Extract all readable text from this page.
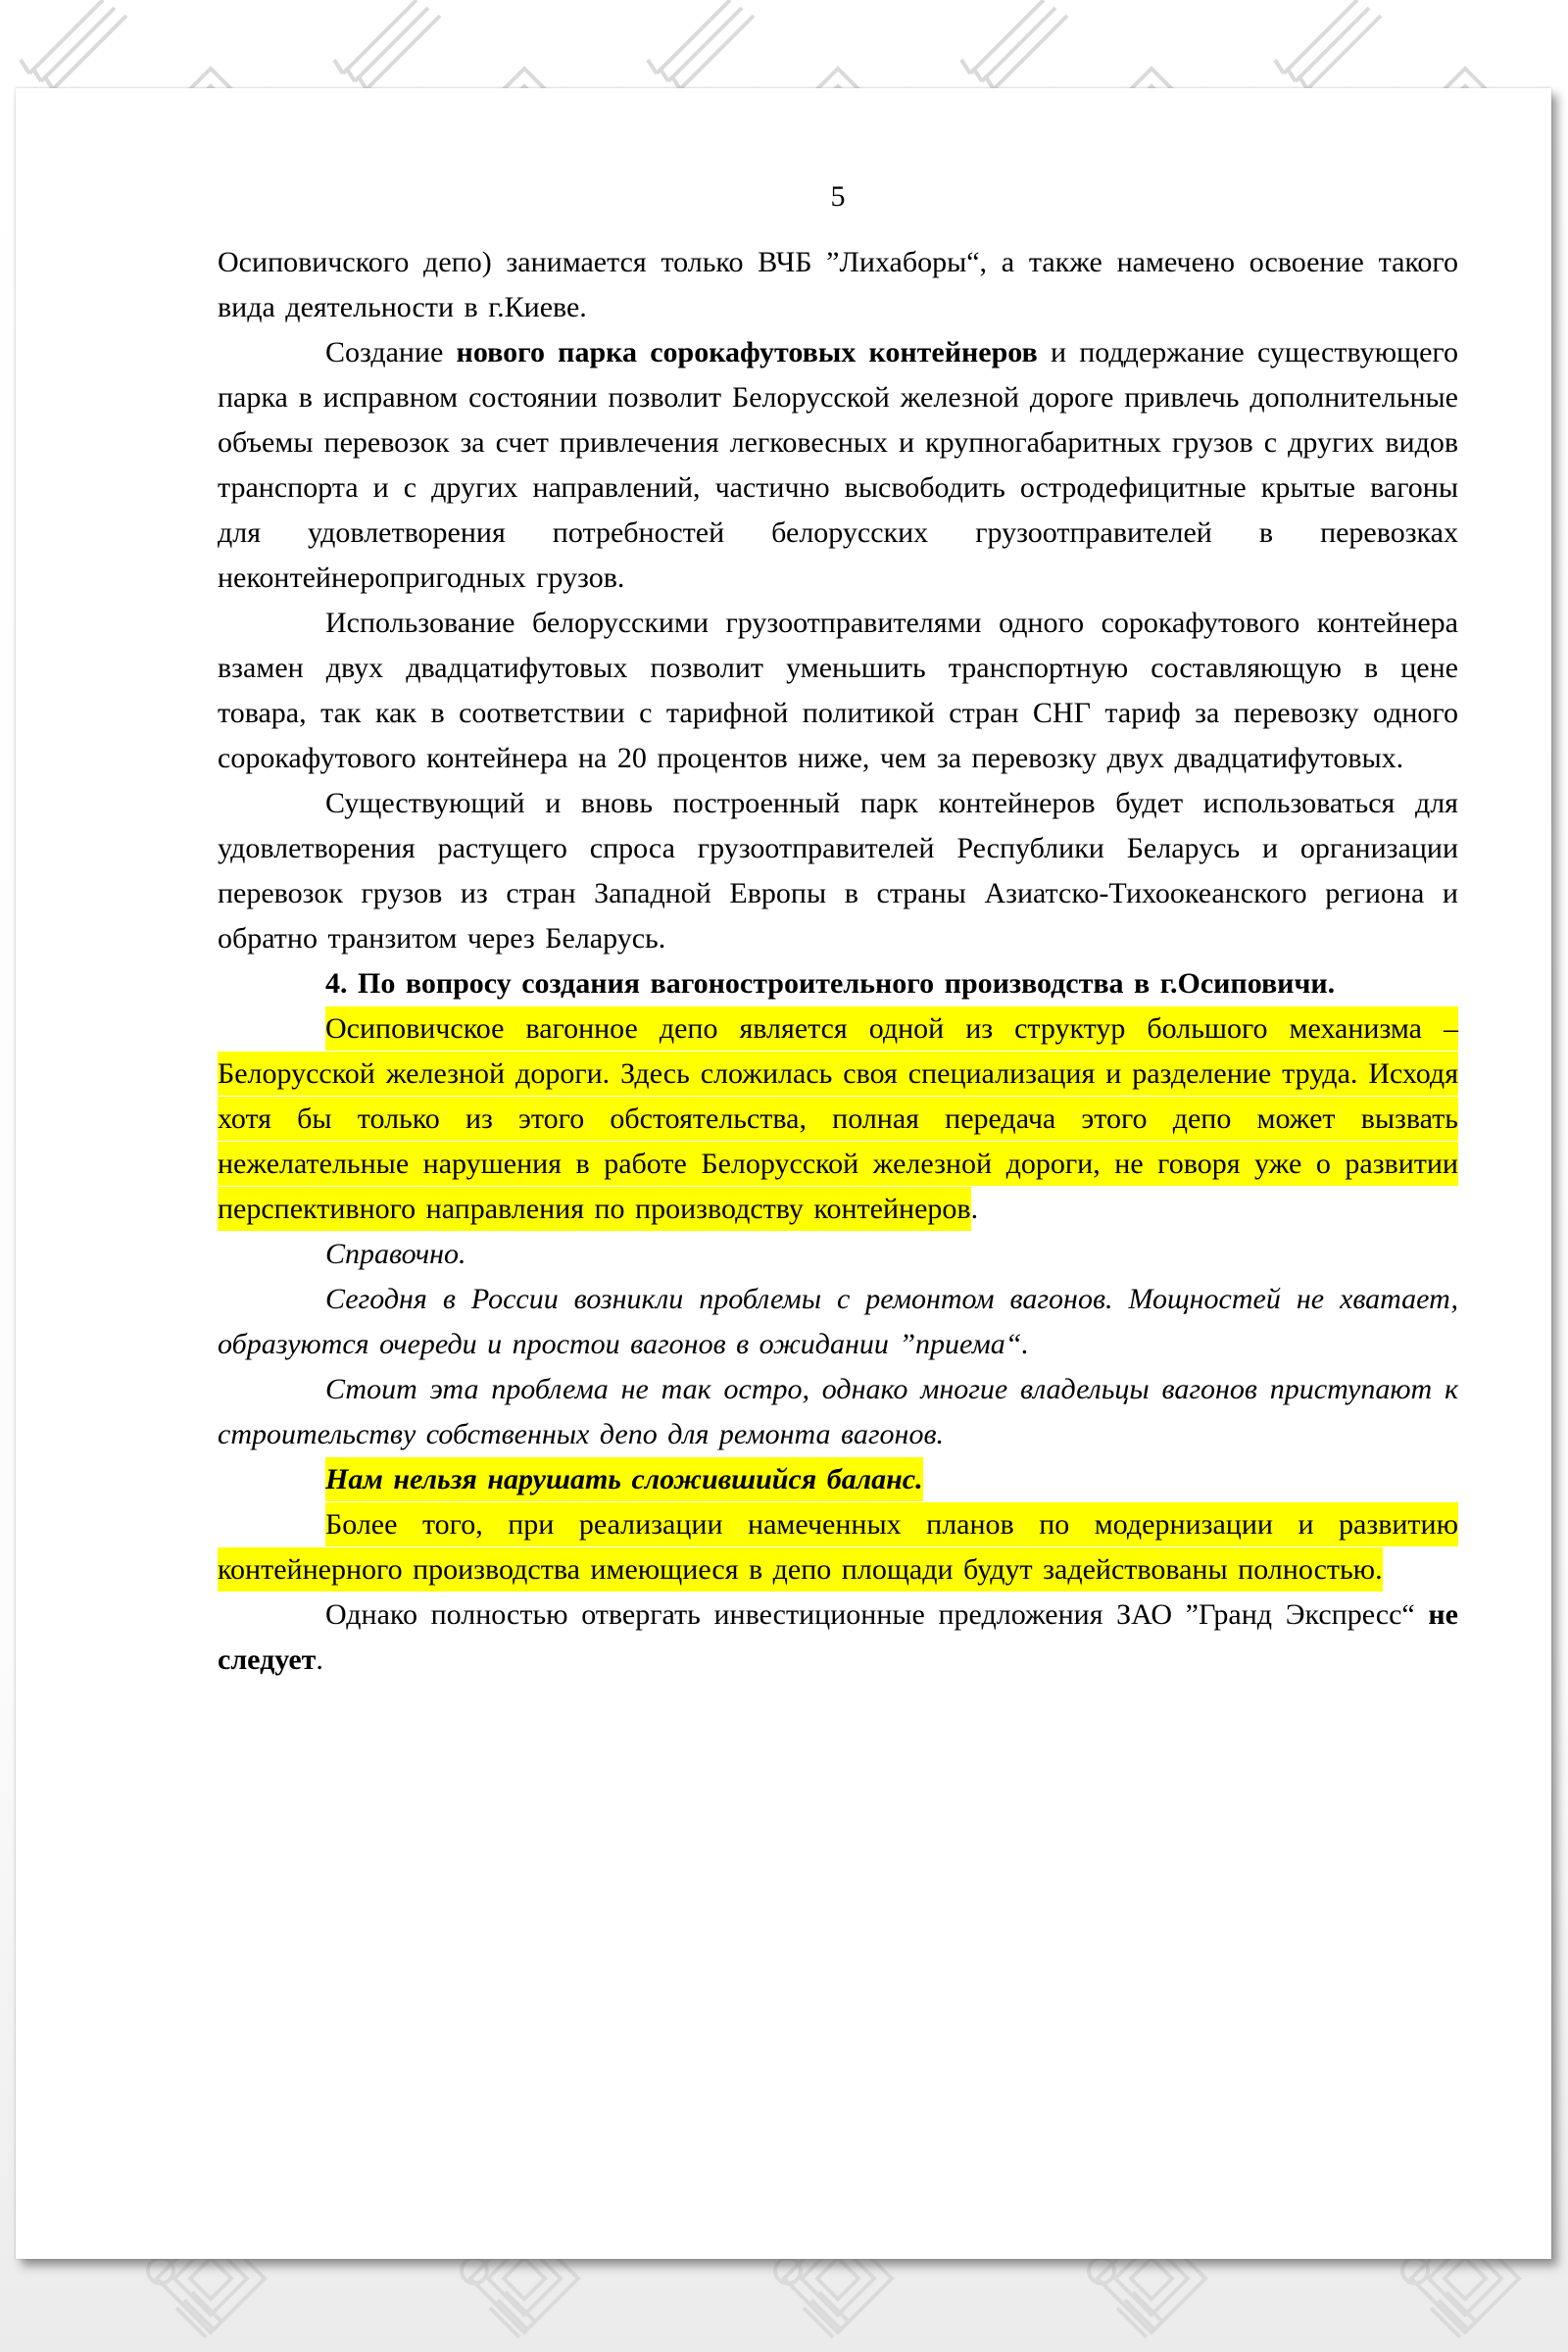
5

Осиповичского депо) занимается только ВЧБ ”Лихаборы“, а также намечено освоение такого вида деятельности в г.Киеве.

Создание нового парка сорокафутовых контейнеров и поддержание существующего парка в исправном состоянии позволит Белорусской железной дороге привлечь дополнительные объемы перевозок за счет привлечения легковесных и крупногабаритных грузов с других видов транспорта и с других направлений, частично высвободить остродефицитные крытые вагоны для удовлетворения потребностей белорусских грузоотправителей в перевозках неконтейнеропригодных грузов.

Использование белорусскими грузоотправителями одного сорокафутового контейнера взамен двух двадцатифутовых позволит уменьшить транспортную составляющую в цене товара, так как в соответствии с тарифной политикой стран СНГ тариф за перевозку одного сорокафутового контейнера на 20 процентов ниже, чем за перевозку двух двадцатифутовых.

Существующий и вновь построенный парк контейнеров будет использоваться для удовлетворения растущего спроса грузоотправителей Республики Беларусь и организации перевозок грузов из стран Западной Европы в страны Азиатско-Тихоокеанского региона и обратно транзитом через Беларусь.

4. По вопросу создания вагоностроительного производства в г.Осиповичи.

Осиповичское вагонное депо является одной из структур большого механизма – Белорусской железной дороги. Здесь сложилась своя специализация и разделение труда. Исходя хотя бы только из этого обстоятельства, полная передача этого депо может вызвать нежелательные нарушения в работе Белорусской железной дороги, не говоря уже о развитии перспективного направления по производству контейнеров.

Справочно.

Сегодня в России возникли проблемы с ремонтом вагонов. Мощностей не хватает, образуются очереди и простои вагонов в ожидании ”приема“.

Стоит эта проблема не так остро, однако многие владельцы вагонов приступают к строительству собственных депо для ремонта вагонов.

Нам нельзя нарушать сложившийся баланс.

Более того, при реализации намеченных планов по модернизации и развитию контейнерного производства имеющиеся в депо площади будут задействованы полностью.

Однако полностью отвергать инвестиционные предложения ЗАО ”Гранд Экспресс“ не следует.
